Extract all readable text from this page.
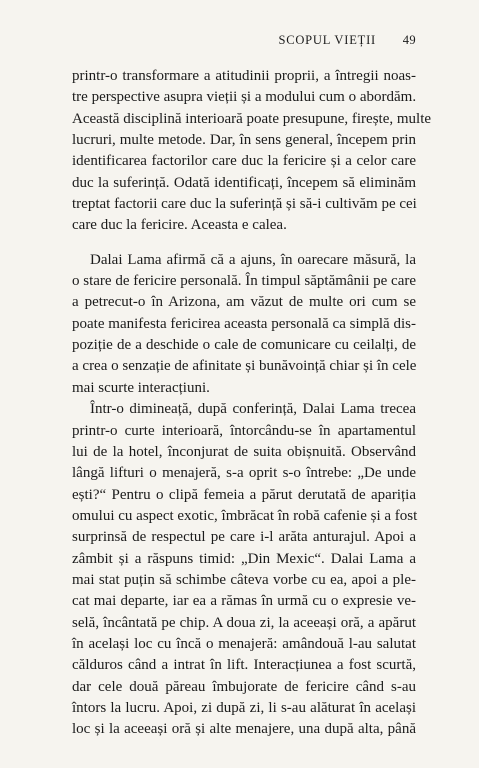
SCOPUL VIEȚII 49
printr-o transformare a atitudinii proprii, a întregii noas-
tre perspective asupra vieții și a modului cum o abordăm.
Această disciplină interioară poate presupune, firește, multe
lucruri, multe metode. Dar, în sens general, începem prin
identificarea factorilor care duc la fericire și a celor care
duc la suferință. Odată identificați, începem să eliminăm
treptat factorii care duc la suferință și să-i cultivăm pe cei
care duc la fericire. Aceasta e calea.
Dalai Lama afirmă că a ajuns, în oarecare măsură, la
o stare de fericire personală. În timpul săptămânii pe care
a petrecut-o în Arizona, am văzut de multe ori cum se
poate manifesta fericirea aceasta personală ca simplă dis-
poziție de a deschide o cale de comunicare cu ceilalți, de
a crea o senzație de afinitate și bunăvoință chiar și în cele
mai scurte interacțiuni.
Într-o dimineață, după conferință, Dalai Lama trecea
printr-o curte interioară, întorcându-se în apartamentul
lui de la hotel, înconjurat de suita obișnuită. Observând
lângă lifturi o menajeră, s-a oprit s-o întrebe: „De unde
ești?“ Pentru o clipă femeia a părut derutată de apariția
omului cu aspect exotic, îmbrăcat în robă cafenie și a fost
surprinsă de respectul pe care i-l arăta anturajul. Apoi a
zâmbit și a răspuns timid: „Din Mexic“. Dalai Lama a
mai stat puțin să schimbe câteva vorbe cu ea, apoi a ple-
cat mai departe, iar ea a rămas în urmă cu o expresie ve-
selă, încântată pe chip. A doua zi, la aceeași oră, a apărut
în același loc cu încă o menajeră: amândouă l-au salutat
călduros când a intrat în lift. Interacțiunea a fost scurtă,
dar cele două păreau îmbujorate de fericire când s-au
întors la lucru. Apoi, zi după zi, li s-au alăturat în același
loc și la aceeași oră și alte menajere, una după alta, până
